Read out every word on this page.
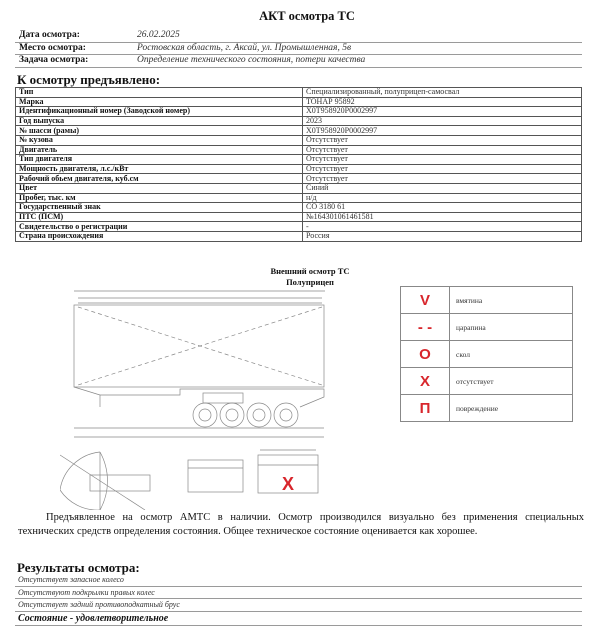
АКТ осмотра ТС
Дата осмотра:	26.02.2025
Место осмотра:	Ростовская область, г. Аксай, ул. Промышленная, 5в
Задача осмотра:	Определение технического состояния, потери качества
К осмотру предъявлено:
Тип	Специализированный, полуприцеп-самосвал
Марка	ТОНАР 95892
Идентификационный номер (Заводской номер)	X0T958920P0002997
Год выпуска	2023
№ шасси (рамы)	X0T958920P0002997
№ кузова	Отсутствует
Двигатель	Отсутствует
Тип двигателя	Отсутствует
Мощность двигателя, л.с./кВт	Отсутствует
Рабочий обьем двигателя, куб.см	Отсутствует
Цвет	Синий
Пробег, тыс. км	н/д
Государственный знак	СО 3180 61
ПТС (ПСМ)	№164301061461581
Свидетельство о регистрации	-
Страна происхождения	Россия
Внешний осмотр ТС
Полуприцеп
X
V	вмятина
- -	царапина
O	скол
X	отсутствует
П	повреждение
Предъявленное на осмотр АМТС в наличии. Осмотр производился визуально без применения специальных технических средств определения состояния. Общее техническое состояние оценивается как хорошее.
Результаты осмотра:
Отсутствует запасное колесо
Отсутствуют подкрылки правых колес
Отсутствует задний противоподкатный брус
Состояние - удовлетворительное
